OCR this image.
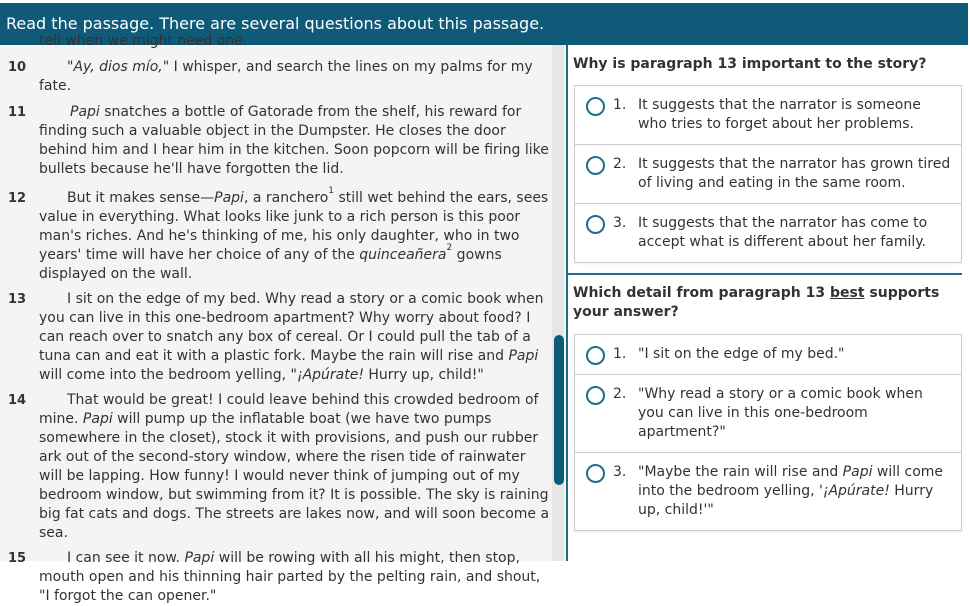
Read the passage. There are several questions about this passage.

tell when we might need one.

10	"Ay, dios mío," I whisper, and search the lines on my palms for my fate.

11	Papi snatches a bottle of Gatorade from the shelf, his reward for finding such a valuable object in the Dumpster. He closes the door behind him and I hear him in the kitchen. Soon popcorn will be firing like bullets because he'll have forgotten the lid.

12	But it makes sense—Papi, a ranchero$^1$ still wet behind the ears, sees value in everything. What looks like junk to a rich person is this poor man's riches. And he's thinking of me, his only daughter, who in two years' time will have her choice of any of the quinceañera$^2$ gowns displayed on the wall.

13	I sit on the edge of my bed. Why read a story or a comic book when you can live in this one-bedroom apartment? Why worry about food? I can reach over to snatch any box of cereal. Or I could pull the tab of a tuna can and eat it with a plastic fork. Maybe the rain will rise and Papi will come into the bedroom yelling, "¡Apúrate! Hurry up, child!"

14	That would be great! I could leave behind this crowded bedroom of mine. Papi will pump up the inflatable boat (we have two pumps somewhere in the closet), stock it with provisions, and push our rubber ark out of the second-story window, where the risen tide of rainwater will be lapping. How funny! I would never think of jumping out of my bedroom window, but swimming from it? It is possible. The sky is raining big fat cats and dogs. The streets are lakes now, and will soon become a sea.

15	I can see it now. Papi will be rowing with all his might, then stop, mouth open and his thinning hair parted by the pelting rain, and shout, "I forgot the can opener."

Why is paragraph 13 important to the story?
1. It suggests that the narrator is someone who tries to forget about her problems.
2. It suggests that the narrator has grown tired of living and eating in the same room.
3. It suggests that the narrator has come to accept what is different about her family.
Which detail from paragraph 13 best supports your answer?
1. "I sit on the edge of my bed."
2. "Why read a story or a comic book when you can live in this one-bedroom apartment?"
3. "Maybe the rain will rise and Papi will come into the bedroom yelling, '¡Apúrate! Hurry up, child!'"
